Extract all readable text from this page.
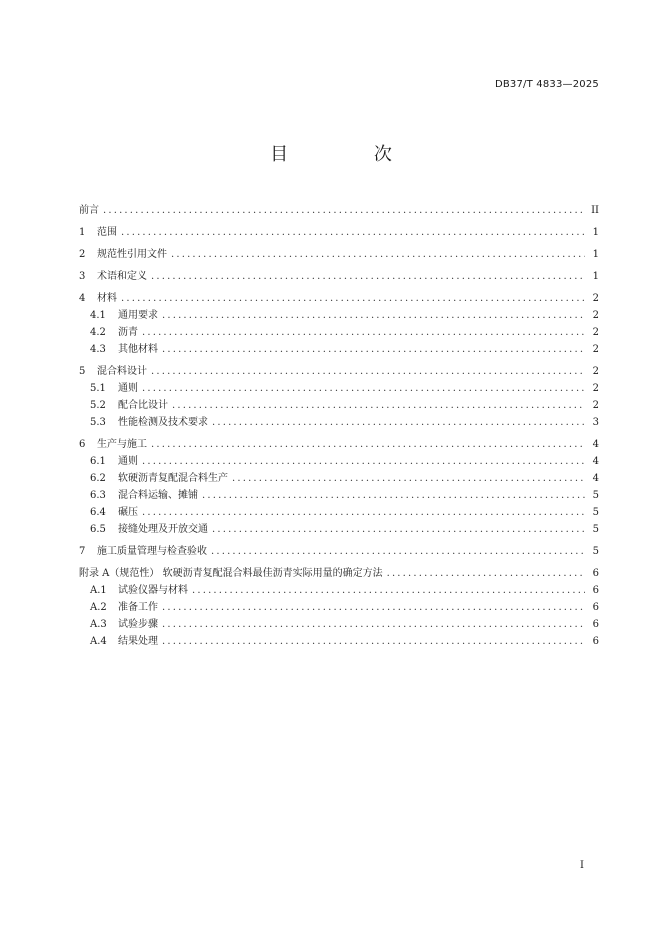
DB37/T 4833—2025
目 次
前言 . . .	II
1	范围 . . .	1
2	规范性引用文件 . . .	1
3	术语和定义 . . .	1
4	材料 . . .	2
4.1	通用要求 . . .	2
4.2	沥青 . . .	2
4.3	其他材料 . . .	2
5	混合料设计 . . .	2
5.1	通则 . . .	2
5.2	配合比设计 . . .	2
5.3	性能检测及技术要求 . . .	3
6	生产与施工 . . .	4
6.1	通则 . . .	4
6.2	软硬沥青复配混合料生产 . . .	4
6.3	混合料运输、摊铺 . . .	5
6.4	碾压 . . .	5
6.5	接缝处理及开放交通 . . .	5
7	施工质量管理与检查验收 . . .	5
附录 A（规范性） 软硬沥青复配混合料最佳沥青实际用量的确定方法 . . .	6
A.1	试验仪器与材料 . . .	6
A.2	准备工作 . . .	6
A.3	试验步骤 . . .	6
A.4	结果处理 . . .	6
I
